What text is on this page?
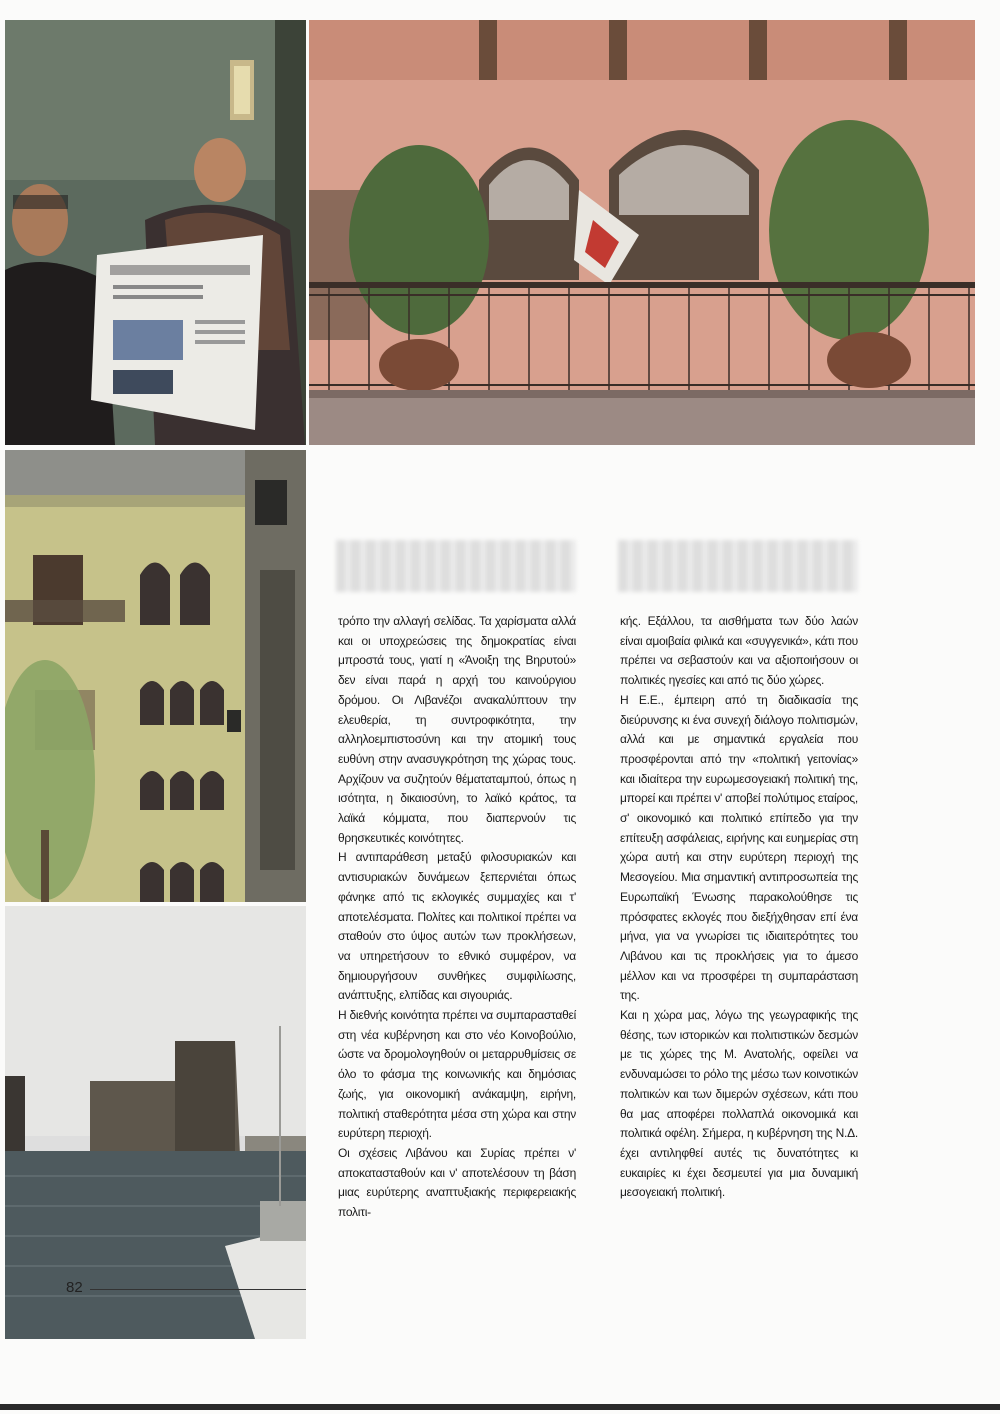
82

τρόπο την αλλαγή σελίδας. Τα χαρίσματα αλλά και οι υποχρεώσεις της δημοκρατίας είναι μπροστά τους, γιατί η «Άνοιξη της Βηρυτού» δεν είναι παρά η αρχή του καινούργιου δρόμου. Οι Λιβανέζοι ανακαλύπτουν την ελευθερία, τη συντροφικότητα, την αλληλοεμπιστοσύνη και την ατομική τους ευθύνη στην ανασυγκρότηση της χώρας τους. Αρχίζουν να συζητούν θέματαταμπού, όπως η ισότητα, η δικαιοσύνη, το λαϊκό κράτος, τα λαϊκά κόμματα, που διαπερνούν τις θρησκευτικές κοινότητες.

Η αντιπαράθεση μεταξύ φιλοσυριακών και αντισυριακών δυνάμεων ξεπερνιέται όπως φάνηκε από τις εκλογικές συμμαχίες και τ' αποτελέσματα. Πολίτες και πολιτικοί πρέπει να σταθούν στο ύψος αυτών των προκλήσεων, να υπηρετήσουν το εθνικό συμφέρον, να δημιουργήσουν συνθήκες συμφιλίωσης, ανάπτυξης, ελπίδας και σιγουριάς.

Η διεθνής κοινότητα πρέπει να συμπαρασταθεί στη νέα κυβέρνηση και στο νέο Κοινοβούλιο, ώστε να δρομολογηθούν οι μεταρρυθμίσεις σε όλο το φάσμα της κοινωνικής και δημόσιας ζωής, για οικονομική ανάκαμψη, ειρήνη, πολιτική σταθερότητα μέσα στη χώρα και στην ευρύτερη περιοχή.

Οι σχέσεις Λιβάνου και Συρίας πρέπει ν' αποκατασταθούν και ν' αποτελέσουν τη βάση μιας ευρύτερης αναπτυξιακής περιφερειακής πολιτι-

κής. Εξάλλου, τα αισθήματα των δύο λαών είναι αμοιβαία φιλικά και «συγγενικά», κάτι που πρέπει να σεβαστούν και να αξιοποιήσουν οι πολιτικές ηγεσίες και από τις δύο χώρες.

Η Ε.Ε., έμπειρη από τη διαδικασία της διεύρυνσης κι ένα συνεχή διάλογο πολιτισμών, αλλά και με σημαντικά εργαλεία που προσφέρονται από την «πολιτική γειτονίας» και ιδιαίτερα την ευρωμεσογειακή πολιτική της, μπορεί και πρέπει ν' αποβεί πολύτιμος εταίρος, σ' οικονομικό και πολιτικό επίπεδο για την επίτευξη ασφάλειας, ειρήνης και ευημερίας στη χώρα αυτή και στην ευρύτερη περιοχή της Μεσογείου. Μια σημαντική αντιπροσωπεία της Ευρωπαϊκή Ένωσης παρακολούθησε τις πρόσφατες εκλογές που διεξήχθησαν επί ένα μήνα, για να γνωρίσει τις ιδιαιτερότητες του Λιβάνου και τις προκλήσεις για το άμεσο μέλλον και να προσφέρει τη συμπαράσταση της.

Και η χώρα μας, λόγω της γεωγραφικής της θέσης, των ιστορικών και πολιτιστικών δεσμών με τις χώρες της Μ. Ανατολής, οφείλει να ενδυναμώσει το ρόλο της μέσω των κοινοτικών πολιτικών και των διμερών σχέσεων, κάτι που θα μας αποφέρει πολλαπλά οικονομικά και πολιτικά οφέλη. Σήμερα, η κυβέρνηση της Ν.Δ. έχει αντιληφθεί αυτές τις δυνατότητες κι ευκαιρίες κι έχει δεσμευτεί για μια δυναμική μεσογειακή πολιτική.
